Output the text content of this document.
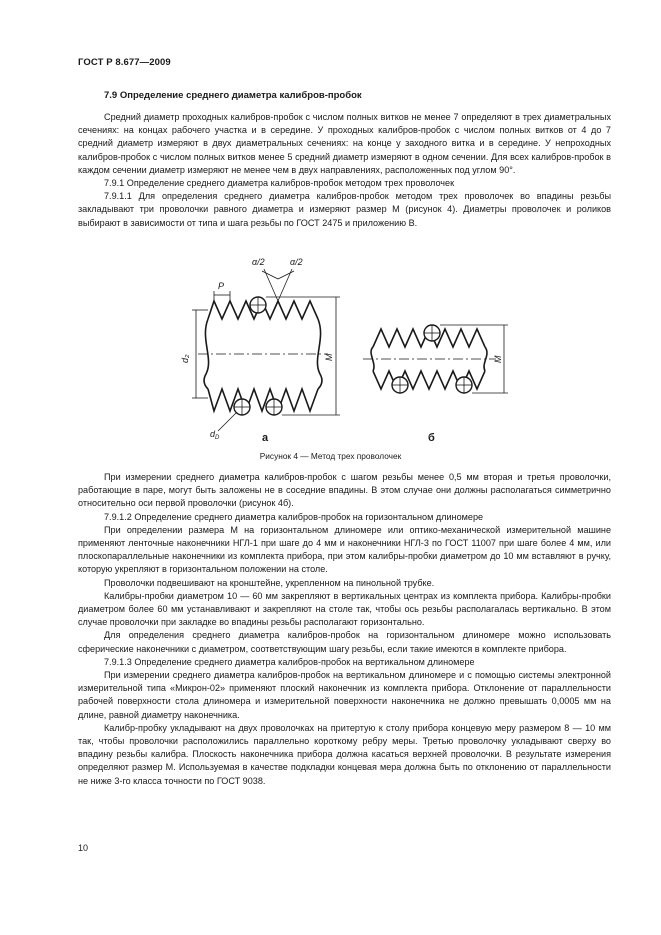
ГОСТ Р 8.677—2009
7.9 Определение среднего диаметра калибров-пробок

Средний диаметр проходных калибров-пробок с числом полных витков не менее 7 определяют в трех диаметральных сечениях: на концах рабочего участка и в середине. У проходных калибров-пробок с числом полных витков от 4 до 7 средний диаметр измеряют в двух диаметральных сечениях: на конце у заходного витка и в середине. У непроходных калибров-пробок с числом полных витков менее 5 средний диаметр измеряют в одном сечении. Для всех калибров-пробок в каждом сечении диаметр измеряют не менее чем в двух направлениях, расположенных под углом 90°.

7.9.1 Определение среднего диаметра калибров-пробок методом трех проволочек

7.9.1.1 Для определения среднего диаметра калибров-пробок методом трех проволочек во впадины резьбы закладывают три проволочки равного диаметра и измеряют размер M (рисунок 4). Диаметры проволочек и роликов выбирают в зависимости от типа и шага резьбы по ГОСТ 2475 и приложению В.

α/2	α/2
P
d₂	M	M
$d_D$	а	б
Рисунок 4 — Метод трех проволочек

При измерении среднего диаметра калибров-пробок с шагом резьбы менее 0,5 мм вторая и третья проволочки, работающие в паре, могут быть заложены не в соседние впадины. В этом случае они должны располагаться симметрично относительно оси первой проволочки (рисунок 4б).

7.9.1.2 Определение среднего диаметра калибров-пробок на горизонтальном длиномере

При определении размера М на горизонтальном длиномере или оптико-механической измерительной машине применяют ленточные наконечники НГЛ-1 при шаге до 4 мм и наконечники НГЛ-3 по ГОСТ 11007 при шаге более 4 мм, или плоскопараллельные наконечники из комплекта прибора, при этом калибры-пробки диаметром до 10 мм вставляют в ручку, которую укрепляют в горизонтальном положении на столе.

Проволочки подвешивают на кронштейне, укрепленном на пинольной трубке.

Калибры-пробки диаметром 10 — 60 мм закрепляют в вертикальных центрах из комплекта прибора. Калибры-пробки диаметром более 60 мм устанавливают и закрепляют на столе так, чтобы ось резьбы располагалась вертикально. В этом случае проволочки при закладке во впадины резьбы располагают горизонтально.

Для определения среднего диаметра калибров-пробок на горизонтальном длиномере можно использовать сферические наконечники с диаметром, соответствующим шагу резьбы, если такие имеются в комплекте прибора.

7.9.1.3 Определение среднего диаметра калибров-пробок на вертикальном длиномере

При измерении среднего диаметра калибров-пробок на вертикальном длиномере и с помощью системы электронной измерительной типа «Микрон-02» применяют плоский наконечник из комплекта прибора. Отклонение от параллельности рабочей поверхности стола длиномера и измерительной поверхности наконечника не должно превышать 0,0005 мм на длине, равной диаметру наконечника.

Калибр-пробку укладывают на двух проволочках на притертую к столу прибора концевую меру размером 8 — 10 мм так, чтобы проволочки расположились параллельно короткому ребру меры. Третью проволочку укладывают сверху во впадину резьбы калибра. Плоскость наконечника прибора должна касаться верхней проволочки. В результате измерения определяют размер M. Используемая в качестве подкладки концевая мера должна быть по отклонению от параллельности не ниже 3-го класса точности по ГОСТ 9038.

10
